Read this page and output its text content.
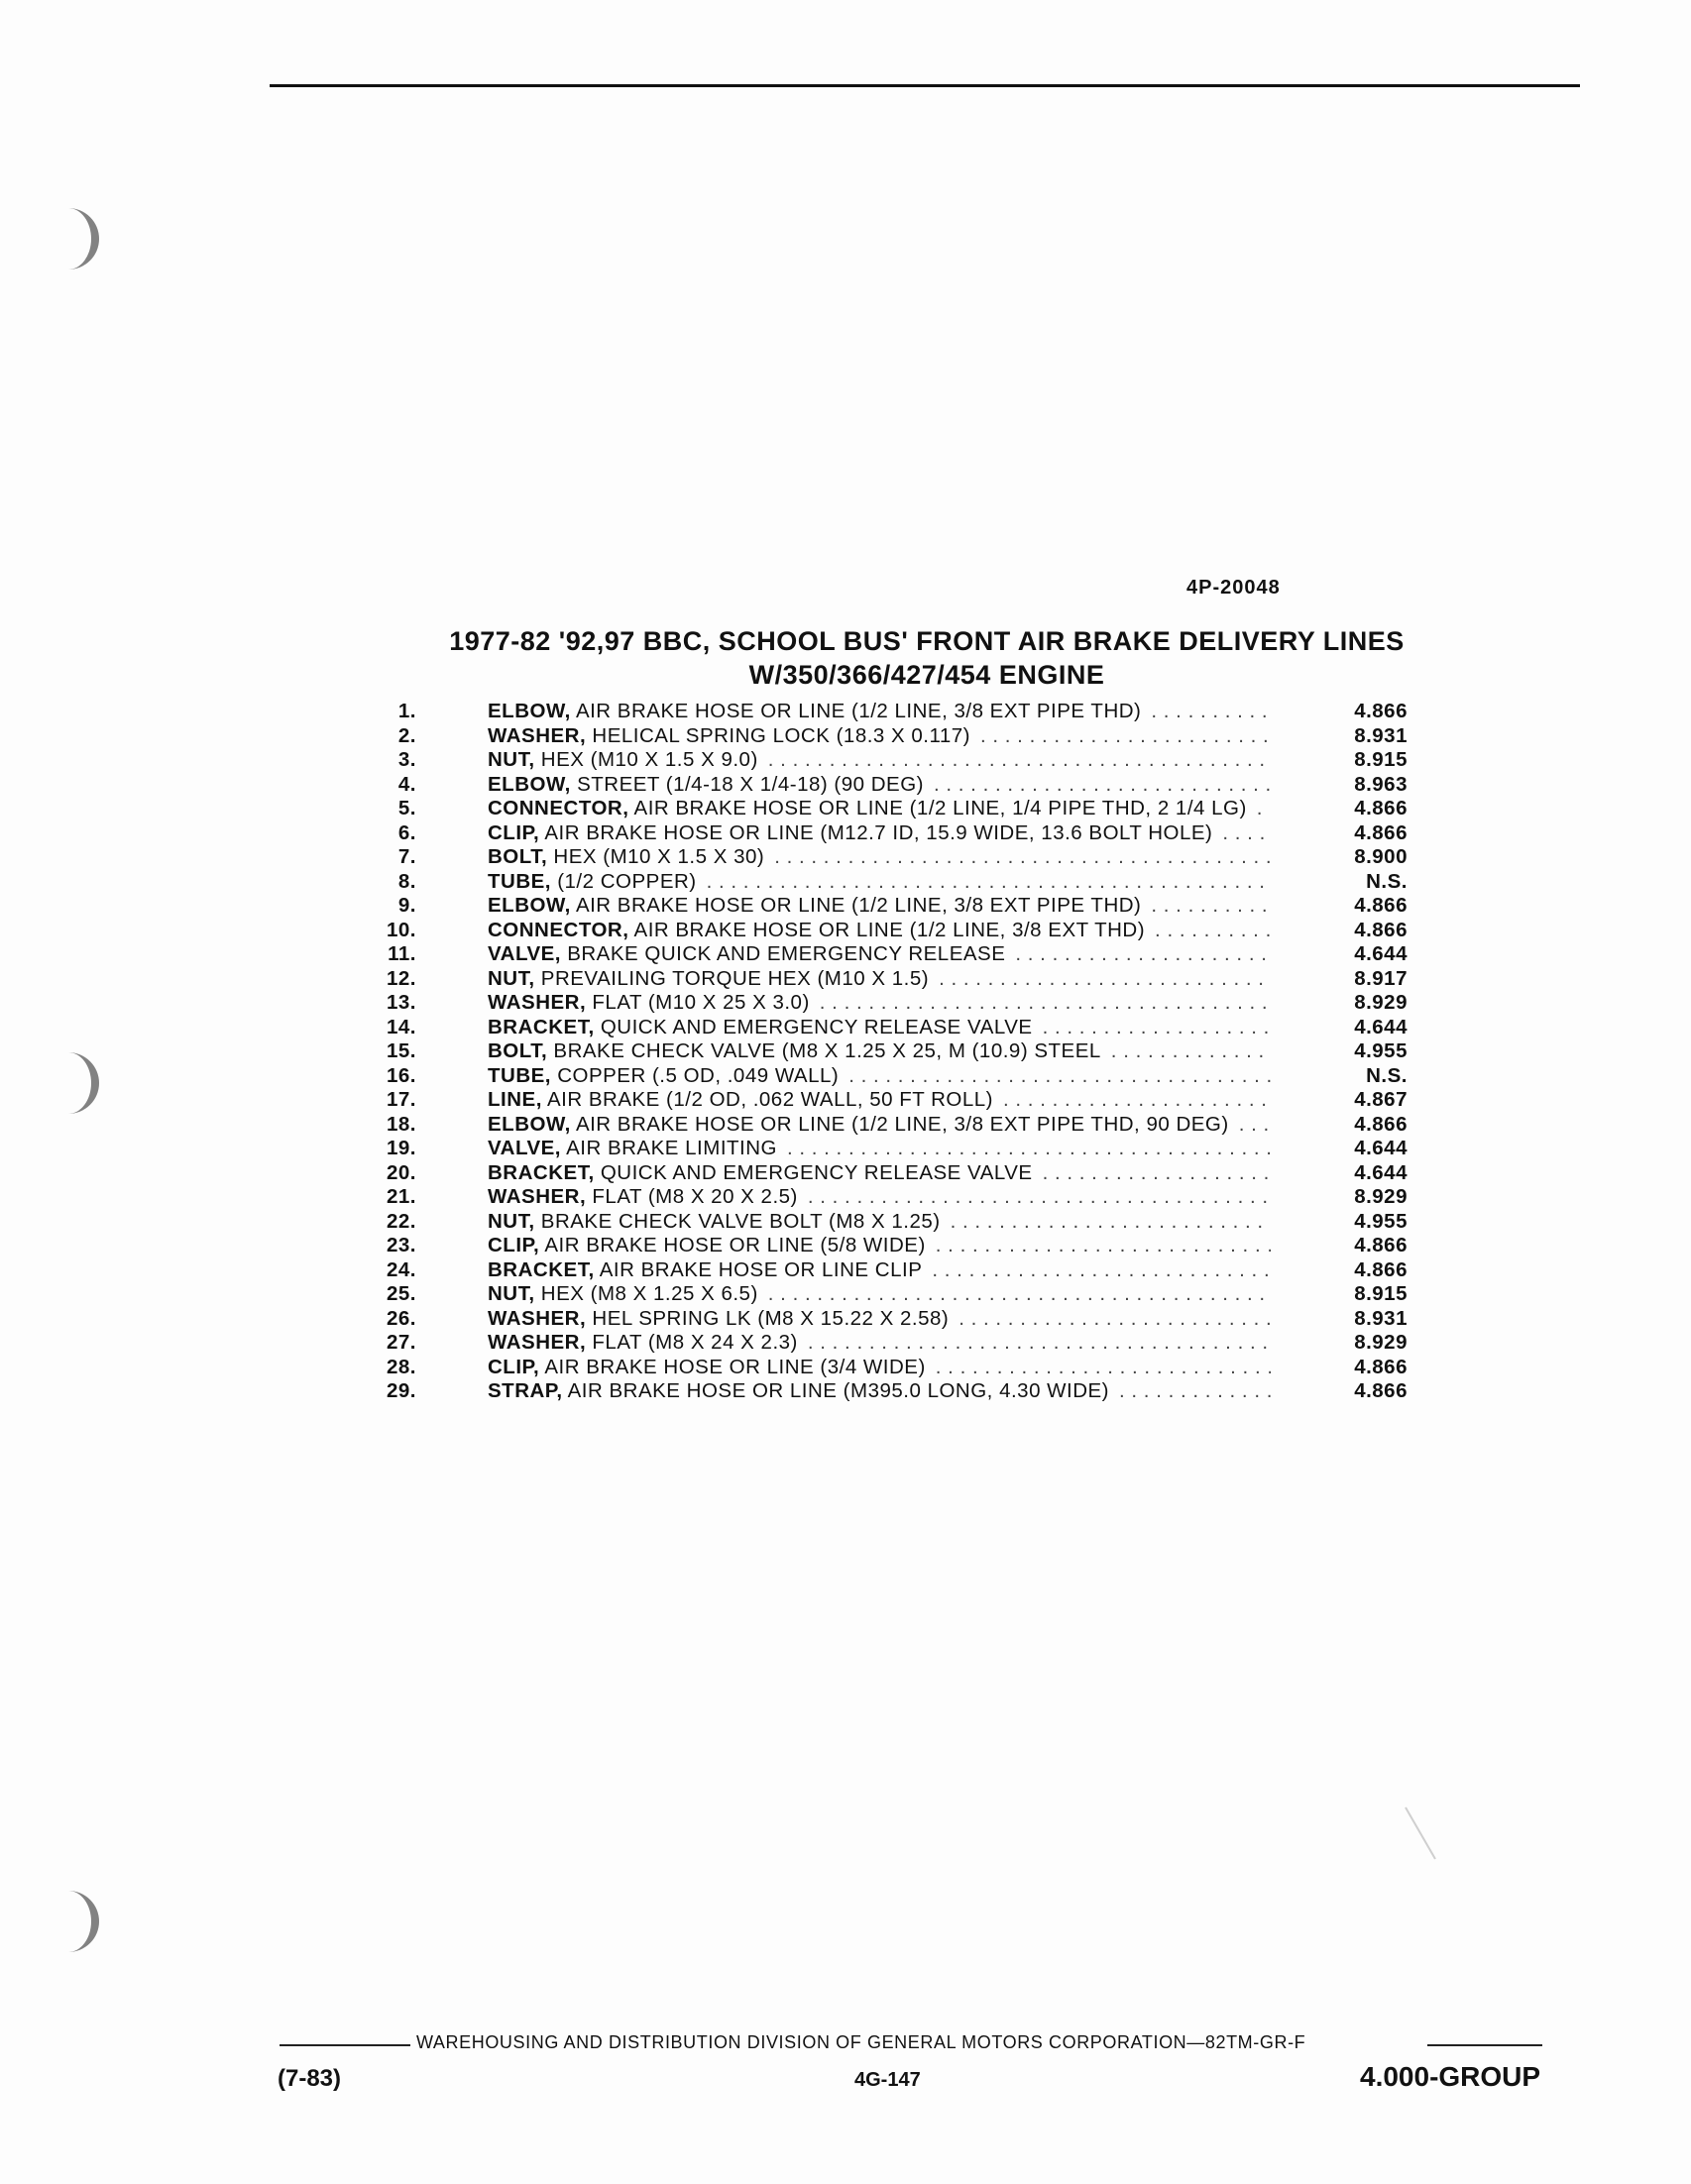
4P-20048
1977-82 '92,97 BBC, SCHOOL BUS' FRONT AIR BRAKE DELIVERY LINES
W/350/366/427/454 ENGINE
1.	ELBOW, AIR BRAKE HOSE OR LINE (1/2 LINE, 3/8 EXT PIPE THD) . . .	4.866
2.	WASHER, HELICAL SPRING LOCK (18.3 X 0.117) . . .	8.931
3.	NUT, HEX (M10 X 1.5 X 9.0) . . .	8.915
4.	ELBOW, STREET (1/4-18 X 1/4-18) (90 DEG) . . .	8.963
5.	CONNECTOR, AIR BRAKE HOSE OR LINE (1/2 LINE, 1/4 PIPE THD, 2 1/4 LG) . . .	4.866
6.	CLIP, AIR BRAKE HOSE OR LINE (M12.7 ID, 15.9 WIDE, 13.6 BOLT HOLE) . . .	4.866
7.	BOLT, HEX (M10 X 1.5 X 30) . . .	8.900
8.	TUBE, (1/2 COPPER) . . .	N.S.
9.	ELBOW, AIR BRAKE HOSE OR LINE (1/2 LINE, 3/8 EXT PIPE THD) . . .	4.866
10.	CONNECTOR, AIR BRAKE HOSE OR LINE (1/2 LINE, 3/8 EXT THD) . . .	4.866
11.	VALVE, BRAKE QUICK AND EMERGENCY RELEASE . . .	4.644
12.	NUT, PREVAILING TORQUE HEX (M10 X 1.5) . . .	8.917
13.	WASHER, FLAT (M10 X 25 X 3.0) . . .	8.929
14.	BRACKET, QUICK AND EMERGENCY RELEASE VALVE . . .	4.644
15.	BOLT, BRAKE CHECK VALVE (M8 X 1.25 X 25, M (10.9) STEEL . . .	4.955
16.	TUBE, COPPER (.5 OD, .049 WALL) . . .	N.S.
17.	LINE, AIR BRAKE (1/2 OD, .062 WALL, 50 FT ROLL) . . .	4.867
18.	ELBOW, AIR BRAKE HOSE OR LINE (1/2 LINE, 3/8 EXT PIPE THD, 90 DEG) . . .	4.866
19.	VALVE, AIR BRAKE LIMITING . . .	4.644
20.	BRACKET, QUICK AND EMERGENCY RELEASE VALVE . . .	4.644
21.	WASHER, FLAT (M8 X 20 X 2.5) . . .	8.929
22.	NUT, BRAKE CHECK VALVE BOLT (M8 X 1.25) . . .	4.955
23.	CLIP, AIR BRAKE HOSE OR LINE (5/8 WIDE) . . .	4.866
24.	BRACKET, AIR BRAKE HOSE OR LINE CLIP . . .	4.866
25.	NUT, HEX (M8 X 1.25 X 6.5) . . .	8.915
26.	WASHER, HEL SPRING LK (M8 X 15.22 X 2.58) . . .	8.931
27.	WASHER, FLAT (M8 X 24 X 2.3) . . .	8.929
28.	CLIP, AIR BRAKE HOSE OR LINE (3/4 WIDE) . . .	4.866
29.	STRAP, AIR BRAKE HOSE OR LINE (M395.0 LONG, 4.30 WIDE) . . .	4.866
WAREHOUSING AND DISTRIBUTION DIVISION OF GENERAL MOTORS CORPORATION—82TM-GR-F
(7-83)	4G-147	4.000-GROUP
